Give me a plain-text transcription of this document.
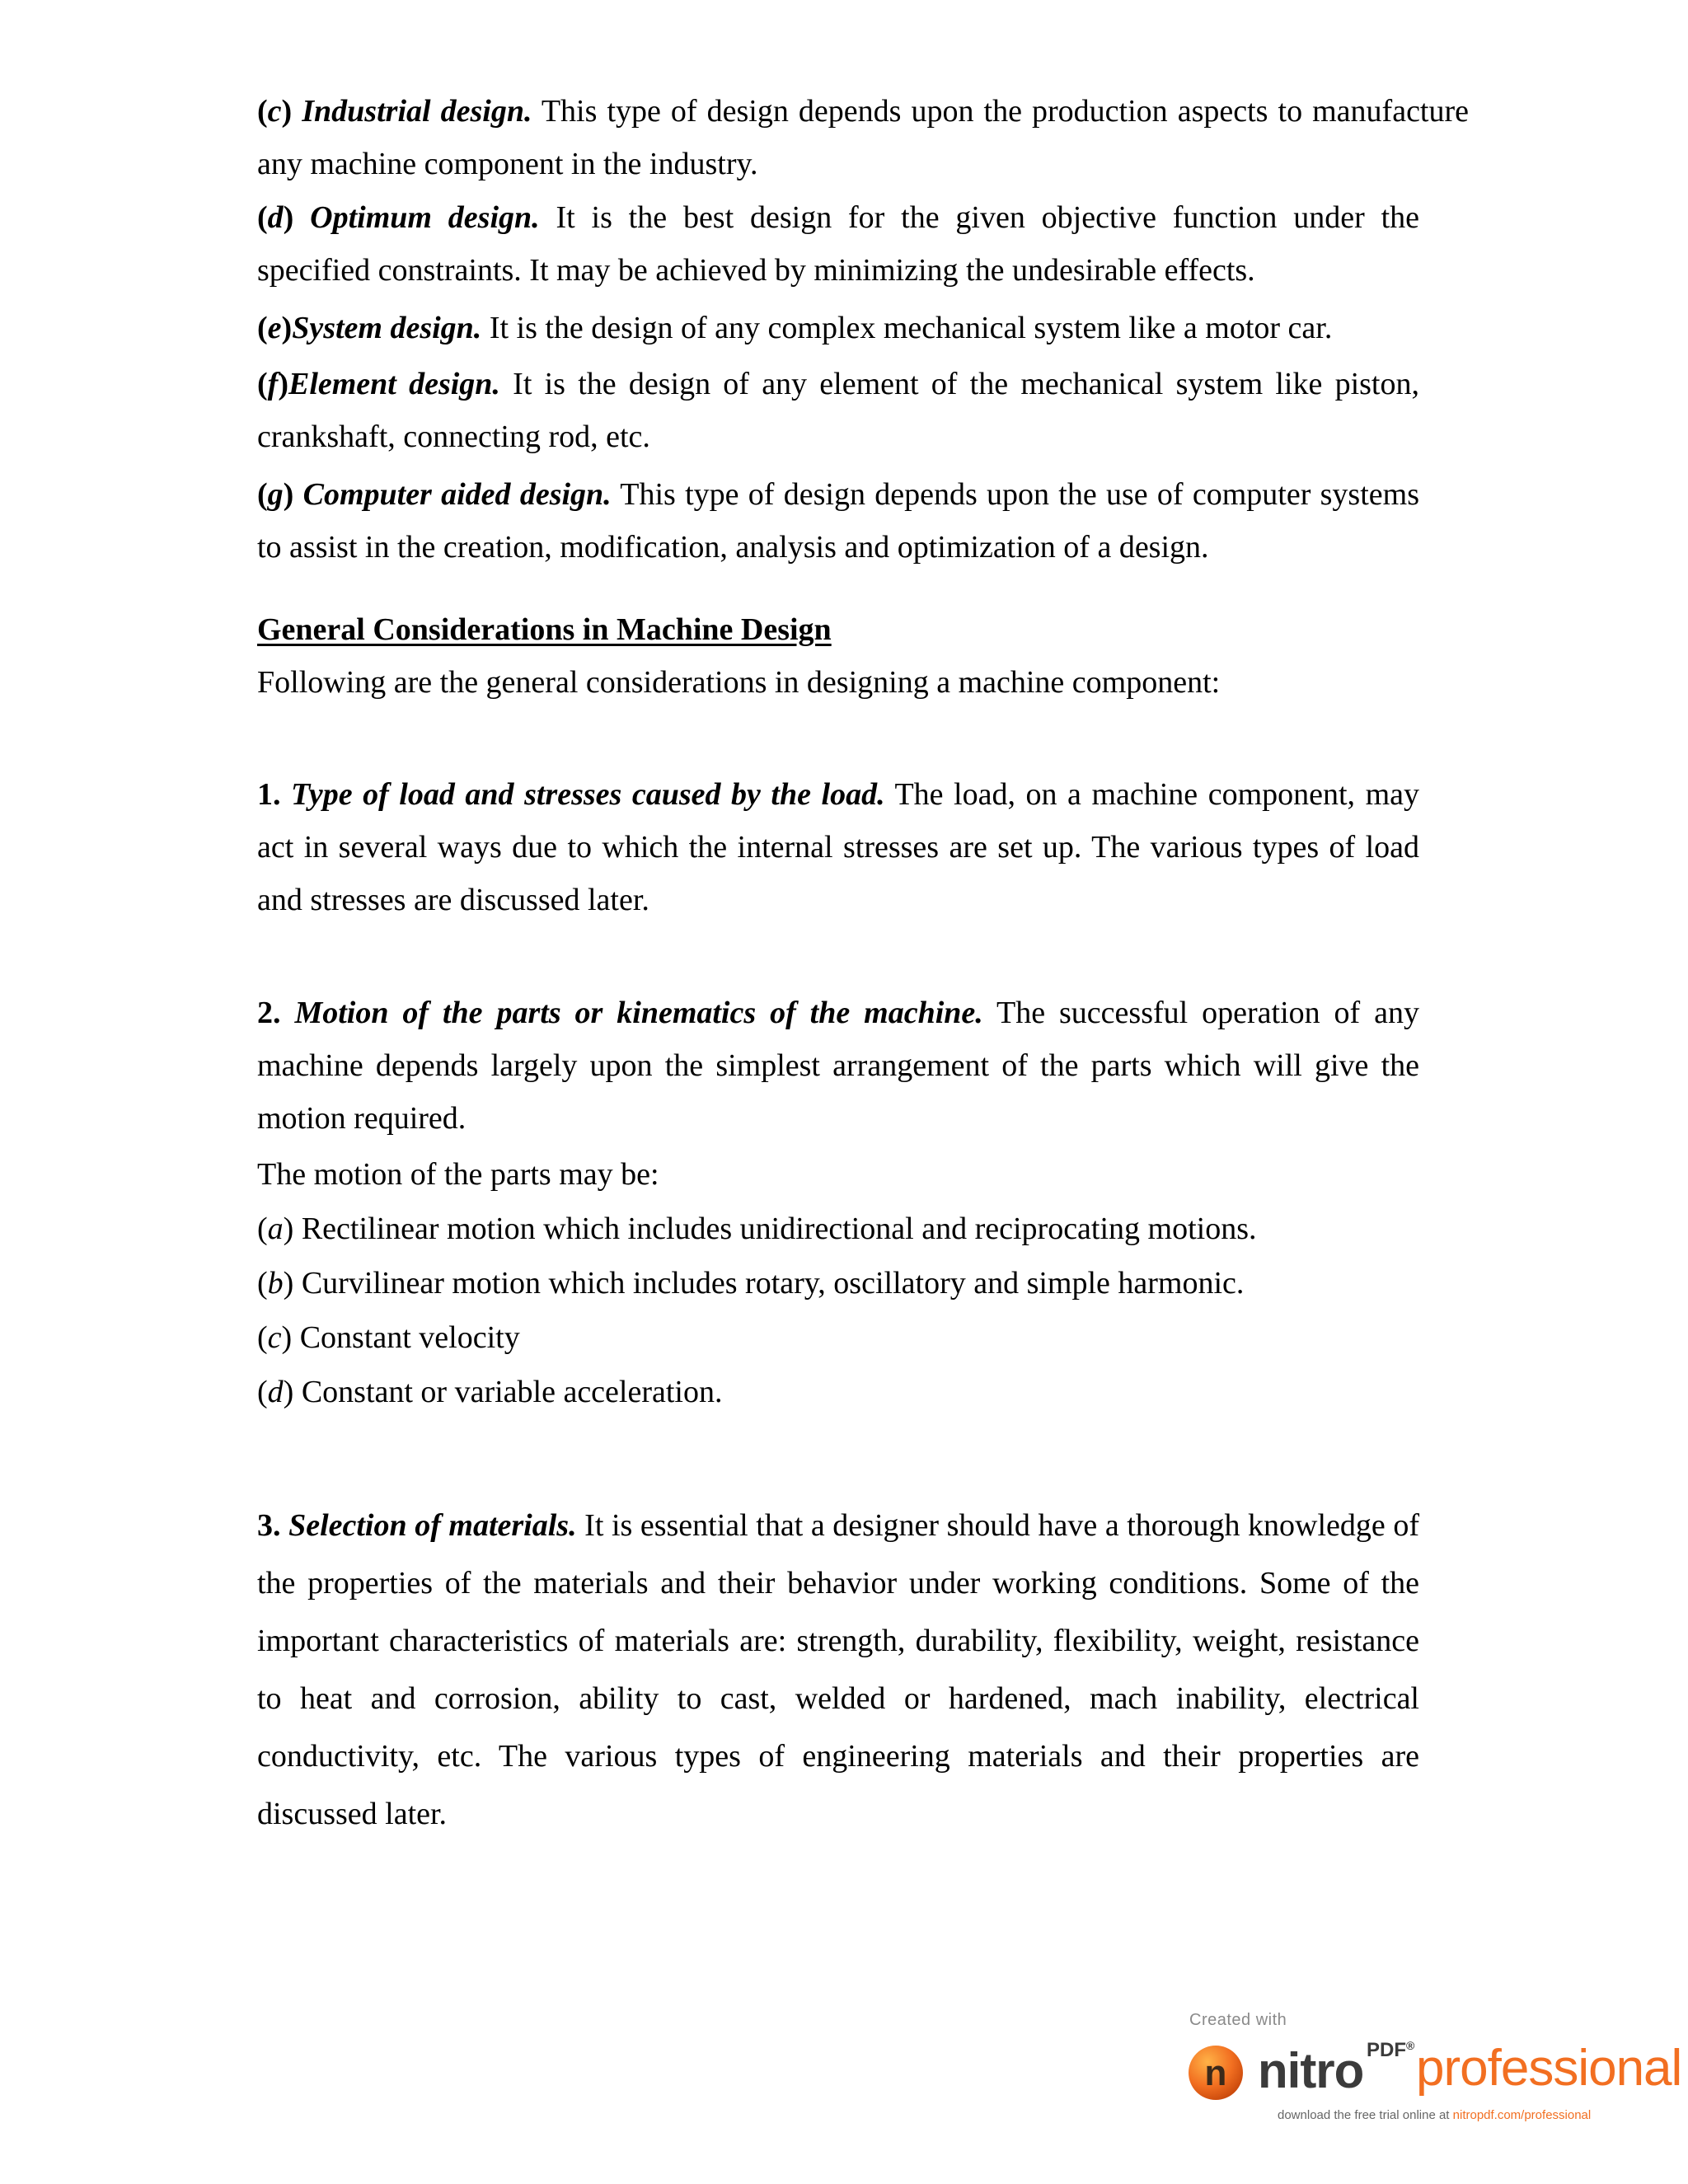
(c) Industrial design. This type of design depends upon the production aspects to manufacture any machine component in the industry.

(d) Optimum design. It is the best design for the given objective function under the specified constraints. It may be achieved by minimizing the undesirable effects.

(e)System design. It is the design of any complex mechanical system like a motor car.

(f)Element design. It is the design of any element of the mechanical system like piston, crankshaft, connecting rod, etc.

(g) Computer aided design. This type of design depends upon the use of computer systems to assist in the creation, modification, analysis and optimization of a design.

General Considerations in Machine Design

Following are the general considerations in designing a machine component:

1. Type of load and stresses caused by the load. The load, on a machine component, may act in several ways due to which the internal stresses are set up. The various types of load and stresses are discussed later.

2. Motion of the parts or kinematics of the machine. The successful operation of any machine depends largely upon the simplest arrangement of the parts which will give the motion required.

The motion of the parts may be:

(a) Rectilinear motion which includes unidirectional and reciprocating motions.

(b) Curvilinear motion which includes rotary, oscillatory and simple harmonic.

(c) Constant velocity

(d) Constant or variable acceleration.

3. Selection of materials. It is essential that a designer should have a thorough knowledge of the properties of the materials and their behavior under working conditions. Some of the important characteristics of materials are: strength, durability, flexibility, weight, resistance to heat and corrosion, ability to cast, welded or hardened, mach inability, electrical conductivity, etc. The various types of engineering materials and their properties are discussed later.

Created with
n nitro PDF® professional
download the free trial online at nitropdf.com/professional
